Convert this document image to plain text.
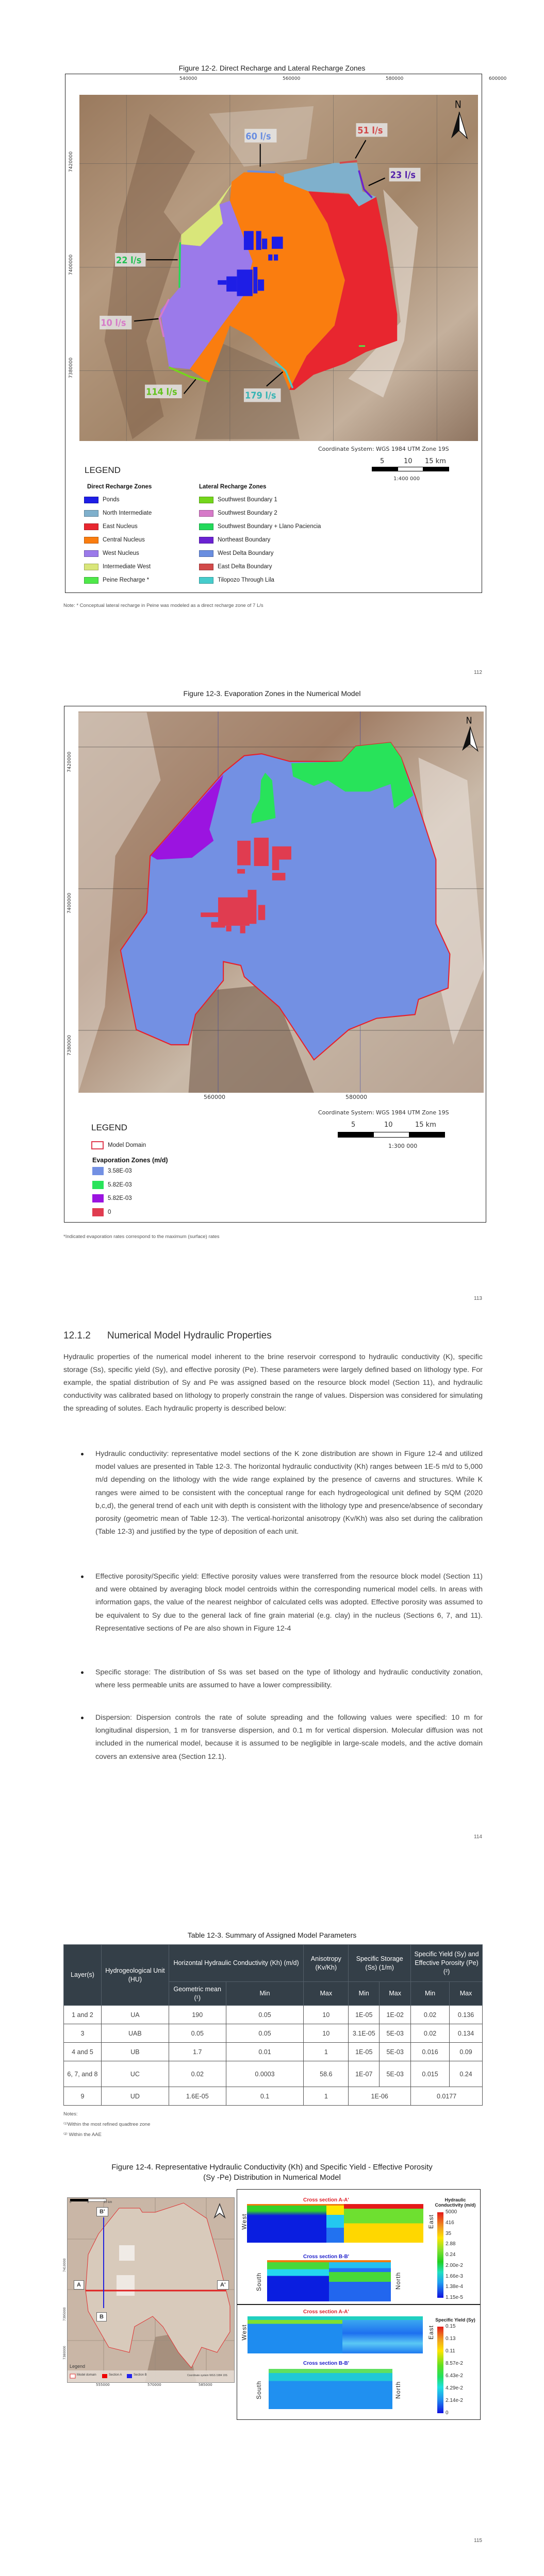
Figure 12-2. Direct Recharge and Lateral Recharge Zones
540000	560000	580000	600000
7420000
7400000
7380000
60 l/s
51 l/s
23 l/s
22 l/s
10 l/s
114 l/s	179 l/s
N
Coordinate System: WGS 1984 UTM Zone 19S
5	10 15 km
1:400 000
LEGEND
Direct Recharge Zones	Lateral Recharge Zones
Ponds
North Intermediate
East Nucleus
Central Nucleus
West Nucleus
Intermediate West
Peine Recharge *
Southwest Boundary 1
Southwest Boundary 2
Southwest Boundary + Llano Paciencia
Northeast Boundary
West Delta Boundary
East Delta Boundary
Tilopozo Through Lila
Note: * Conceptual lateral recharge in Peine was modeled as a direct recharge zone of 7 L/s
112
Figure 12-3. Evaporation Zones in the Numerical Model
7420000
7400000
7380000
N
560000	580000
Coordinate System: WGS 1984 UTM Zone 19S
5	10	15 km
1:300 000
LEGEND
Model Domain
Evaporation Zones (m/d)
3.58E-03
5.82E-03
5.82E-03
0
*Indicated evaporation rates correspond to the maximum (surface) rates
113
12.1.2 Numerical Model Hydraulic Properties

Hydraulic properties of the numerical model inherent to the brine reservoir correspond to hydraulic conductivity (K), specific storage (Ss), specific yield (Sy), and effective porosity (Pe). These parameters were largely defined based on lithology type. For example, the spatial distribution of Sy and Pe was assigned based on the resource block model (Section 11), and hydraulic conductivity was calibrated based on lithology to properly constrain the range of values. Dispersion was considered for simulating the spreading of solutes. Each hydraulic property is described below:

Hydraulic conductivity: representative model sections of the K zone distribution are shown in Figure 12-4 and utilized model values are presented in Table 12-3. The horizontal hydraulic conductivity (Kh) ranges between 1E-5 m/d to 5,000 m/d depending on the lithology with the wide range explained by the presence of caverns and structures. While K ranges were aimed to be consistent with the conceptual range for each hydrogeological unit defined by SQM (2020 b,c,d), the general trend of each unit with depth is consistent with the lithology type and presence/absence of secondary porosity (geometric mean of Table 12-3). The vertical-horizontal anisotropy (Kv/Kh) was also set during the calibration (Table 12-3) and justified by the type of deposition of each unit.
Effective porosity/Specific yield: Effective porosity values were transferred from the resource block model (Section 11) and were obtained by averaging block model centroids within the corresponding numerical model cells. In areas with information gaps, the value of the nearest neighbor of calculated cells was adopted. Effective porosity was assumed to be equivalent to Sy due to the general lack of fine grain material (e.g. clay) in the nucleus (Sections 6, 7, and 11). Representative sections of Pe are also shown in Figure 12-4
Specific storage: The distribution of Ss was set based on the type of lithology and hydraulic conductivity zonation, where less permeable units are assumed to have a lower compressibility.
Dispersion: Dispersion controls the rate of solute spreading and the following values were specified: 10 m for longitudinal dispersion, 1 m for transverse dispersion, and 0.1 m for vertical dispersion. Molecular diffusion was not included in the numerical model, because it is assumed to be negligible in large-scale models, and the active domain covers an extensive area (Section 12.1).
114
Table 12-3. Summary of Assigned Model Parameters
Layer(s)	Hydrogeological Unit (HU)	Horizontal Hydraulic Conductivity (Kh) (m/d)		Anisotropy (Kv/Kh)	Specific Storage (Ss) (1/m)		Specific Yield (Sy) and Effective Porosity (Pe) (²)	
		Geometric mean (¹)	Min	Max	Min	Max	Min	Max
1 and 2	UA	190	0.05	10	1E-05	1E-02	0.02	0.136
3	UAB	0.05	0.05	10	3.1E-05	5E-03	0.02	0.134
4 and 5	UB	1.7	0.01	1	1E-05	5E-03	0.016	0.09
6, 7, and 8	UC	0.02	0.0003	58.6	1E-07	5E-03	0.015	0.24
9	UD	1.6E-05	0.1	1	1E-06		0.0177	
Notes:
⁽¹⁾Within the most refined quadtree zone
⁽²⁾ Within the AAE
Figure 12-4. Representative Hydraulic Conductivity (Kh) and Specific Yield - Effective Porosity
(Sy -Pe) Distribution in Numerical Model
0	5	10 km
B'
A	A'
B
Legend
Model domain	Section A	Section B	Coordinate system WGS 1984 19S
7410000
7395000
7380000
555000	570000	585000
Cross section A-A'
West	East
Cross section B-B'
South	North
Hydraulic Conductivity (m/d)
5000
416
35
2.88
0.24
2.00e-2
1.66e-3
1.38e-4
1.15e-5
Cross section A-A'
West	East
Cross section B-B'
South	North
Specific Yield (Sy)
0.15
0.13
0.11
8.57e-2
6.43e-2
4.29e-2
2.14e-2
0
115
